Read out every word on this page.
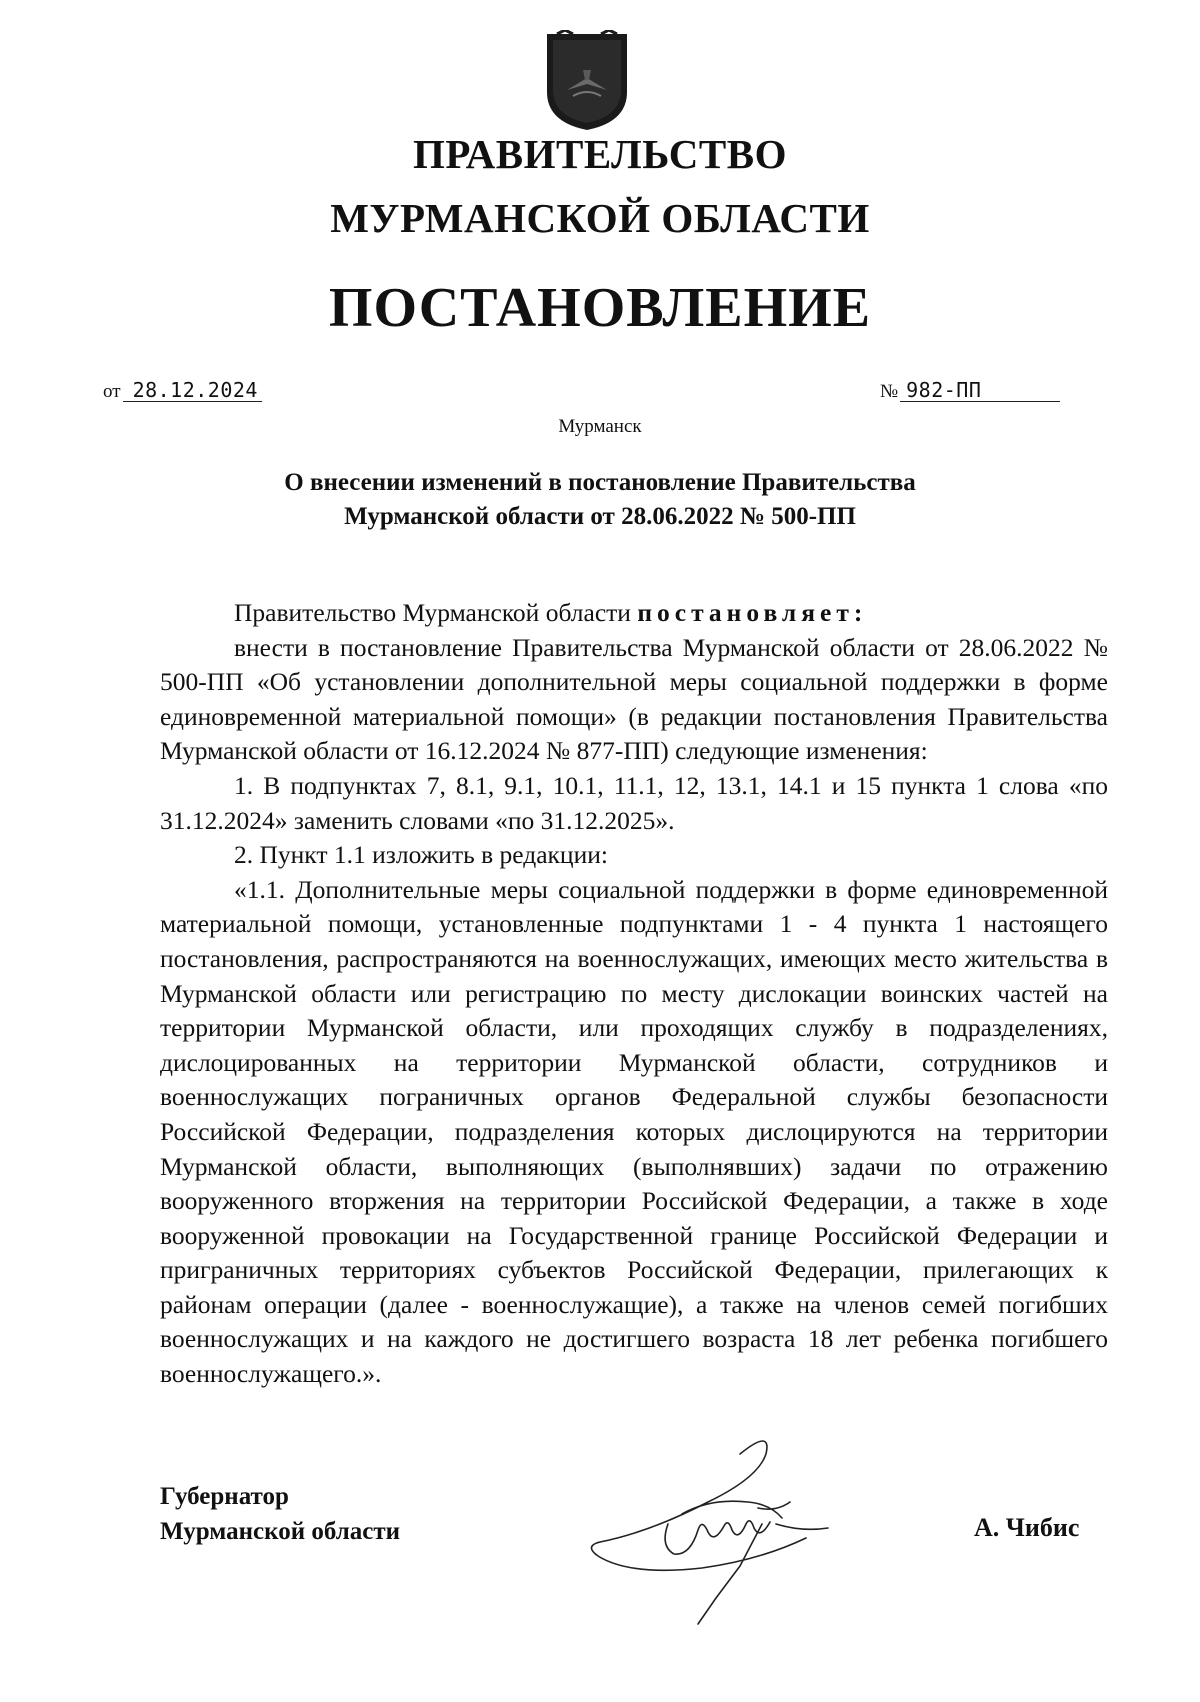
ПРАВИТЕЛЬСТВО
МУРМАНСКОЙ ОБЛАСТИ
ПОСТАНОВЛЕНИЕ
от 28.12.2024	№ 982-ПП
Мурманск
О внесении изменений в постановление Правительства
Мурманской области от 28.06.2022 № 500-ПП

Правительство Мурманской области постановляет:

внести в постановление Правительства Мурманской области от 28.06.2022 № 500-ПП «Об установлении дополнительной меры социальной поддержки в форме единовременной материальной помощи» (в редакции постановления Правительства Мурманской области от 16.12.2024 № 877-ПП) следующие изменения:

1. В подпунктах 7, 8.1, 9.1, 10.1, 11.1, 12, 13.1, 14.1 и 15 пункта 1 слова «по 31.12.2024» заменить словами «по 31.12.2025».

2. Пункт 1.1 изложить в редакции:

«1.1. Дополнительные меры социальной поддержки в форме единовременной материальной помощи, установленные подпунктами 1 - 4 пункта 1 настоящего постановления, распространяются на военнослужащих, имеющих место жительства в Мурманской области или регистрацию по месту дислокации воинских частей на территории Мурманской области, или проходящих службу в подразделениях, дислоцированных на территории Мурманской области, сотрудников и военнослужащих пограничных органов Федеральной службы безопасности Российской Федерации, подразделения которых дислоцируются на территории Мурманской области, выполняющих (выполнявших) задачи по отражению вооруженного вторжения на территории Российской Федерации, а также в ходе вооруженной провокации на Государственной границе Российской Федерации и приграничных территориях субъектов Российской Федерации, прилегающих к районам операции (далее - военнослужащие), а также на членов семей погибших военнослужащих и на каждого не достигшего возраста 18 лет ребенка погибшего военнослужащего.».

Губернатор
Мурманской области	А. Чибис
